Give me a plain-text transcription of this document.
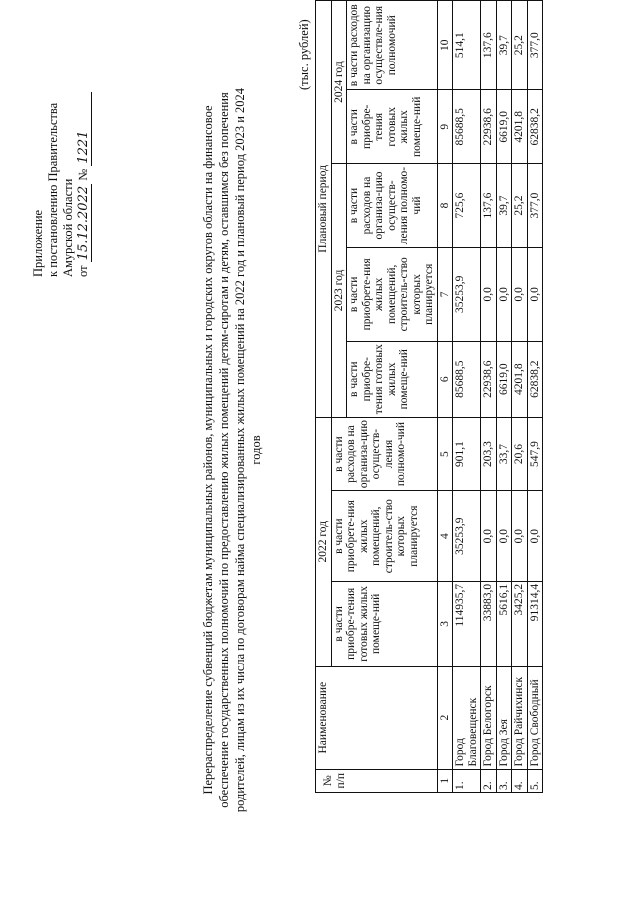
Приложение к постановлению Правительства Амурской области от 15.12.2022 № 1221	Перераспределение субвенций бюджетам муниципальных районов, муниципальных и городских округов области на финансовое обеспечение государственных полномочий по предоставлению жилых помещений детям-сиротам и детям, оставшимся без попечения родителей, лицам из их числа по договорам найма специализированных жилых помещений на 2022 год и плановый период 2023 и 2024 годов
(тыс. рублей)
№ п/п	Наименование	2022 год			Плановый период				
		в части приобре-тения готовых жилых помеще-ний	в части приобрете-ния жилых помещений, строитель-ство которых планируется	в части расходов на организа-цию осуществ-ления полномо-чий	2023 год			2024 год	
					в части приобре-тения готовых жилых помеще-ний	в части приобрете-ния жилых помещений, строитель-ство которых планируется	в части расходов на организа-цию осуществ-ления полномо-чий	в части приобре-тения готовых жилых помеще-ний	в части расходов на организацию осуществле-ния полномочий
1	2	3	4	5	6	7	8	9	10
1.	Город Благовещенск	114935,7	35253,9	901,1	85688,5	35253,9	725,6	85688,5	514,1
2.	Город Белогорск	33883,0	0,0	203,3	22938,6	0,0	137,6	22938,6	137,6
3.	Город Зея	5616,1	0,0	33,7	6619,0	0,0	39,7	6619,0	39,7
4.	Город Райчихинск	3425,2	0,0	20,6	4201,8	0,0	25,2	4201,8	25,2
5.	Город Свободный	91314,4	0,0	547,9	62838,2	0,0	377,0	62838,2	377,0
